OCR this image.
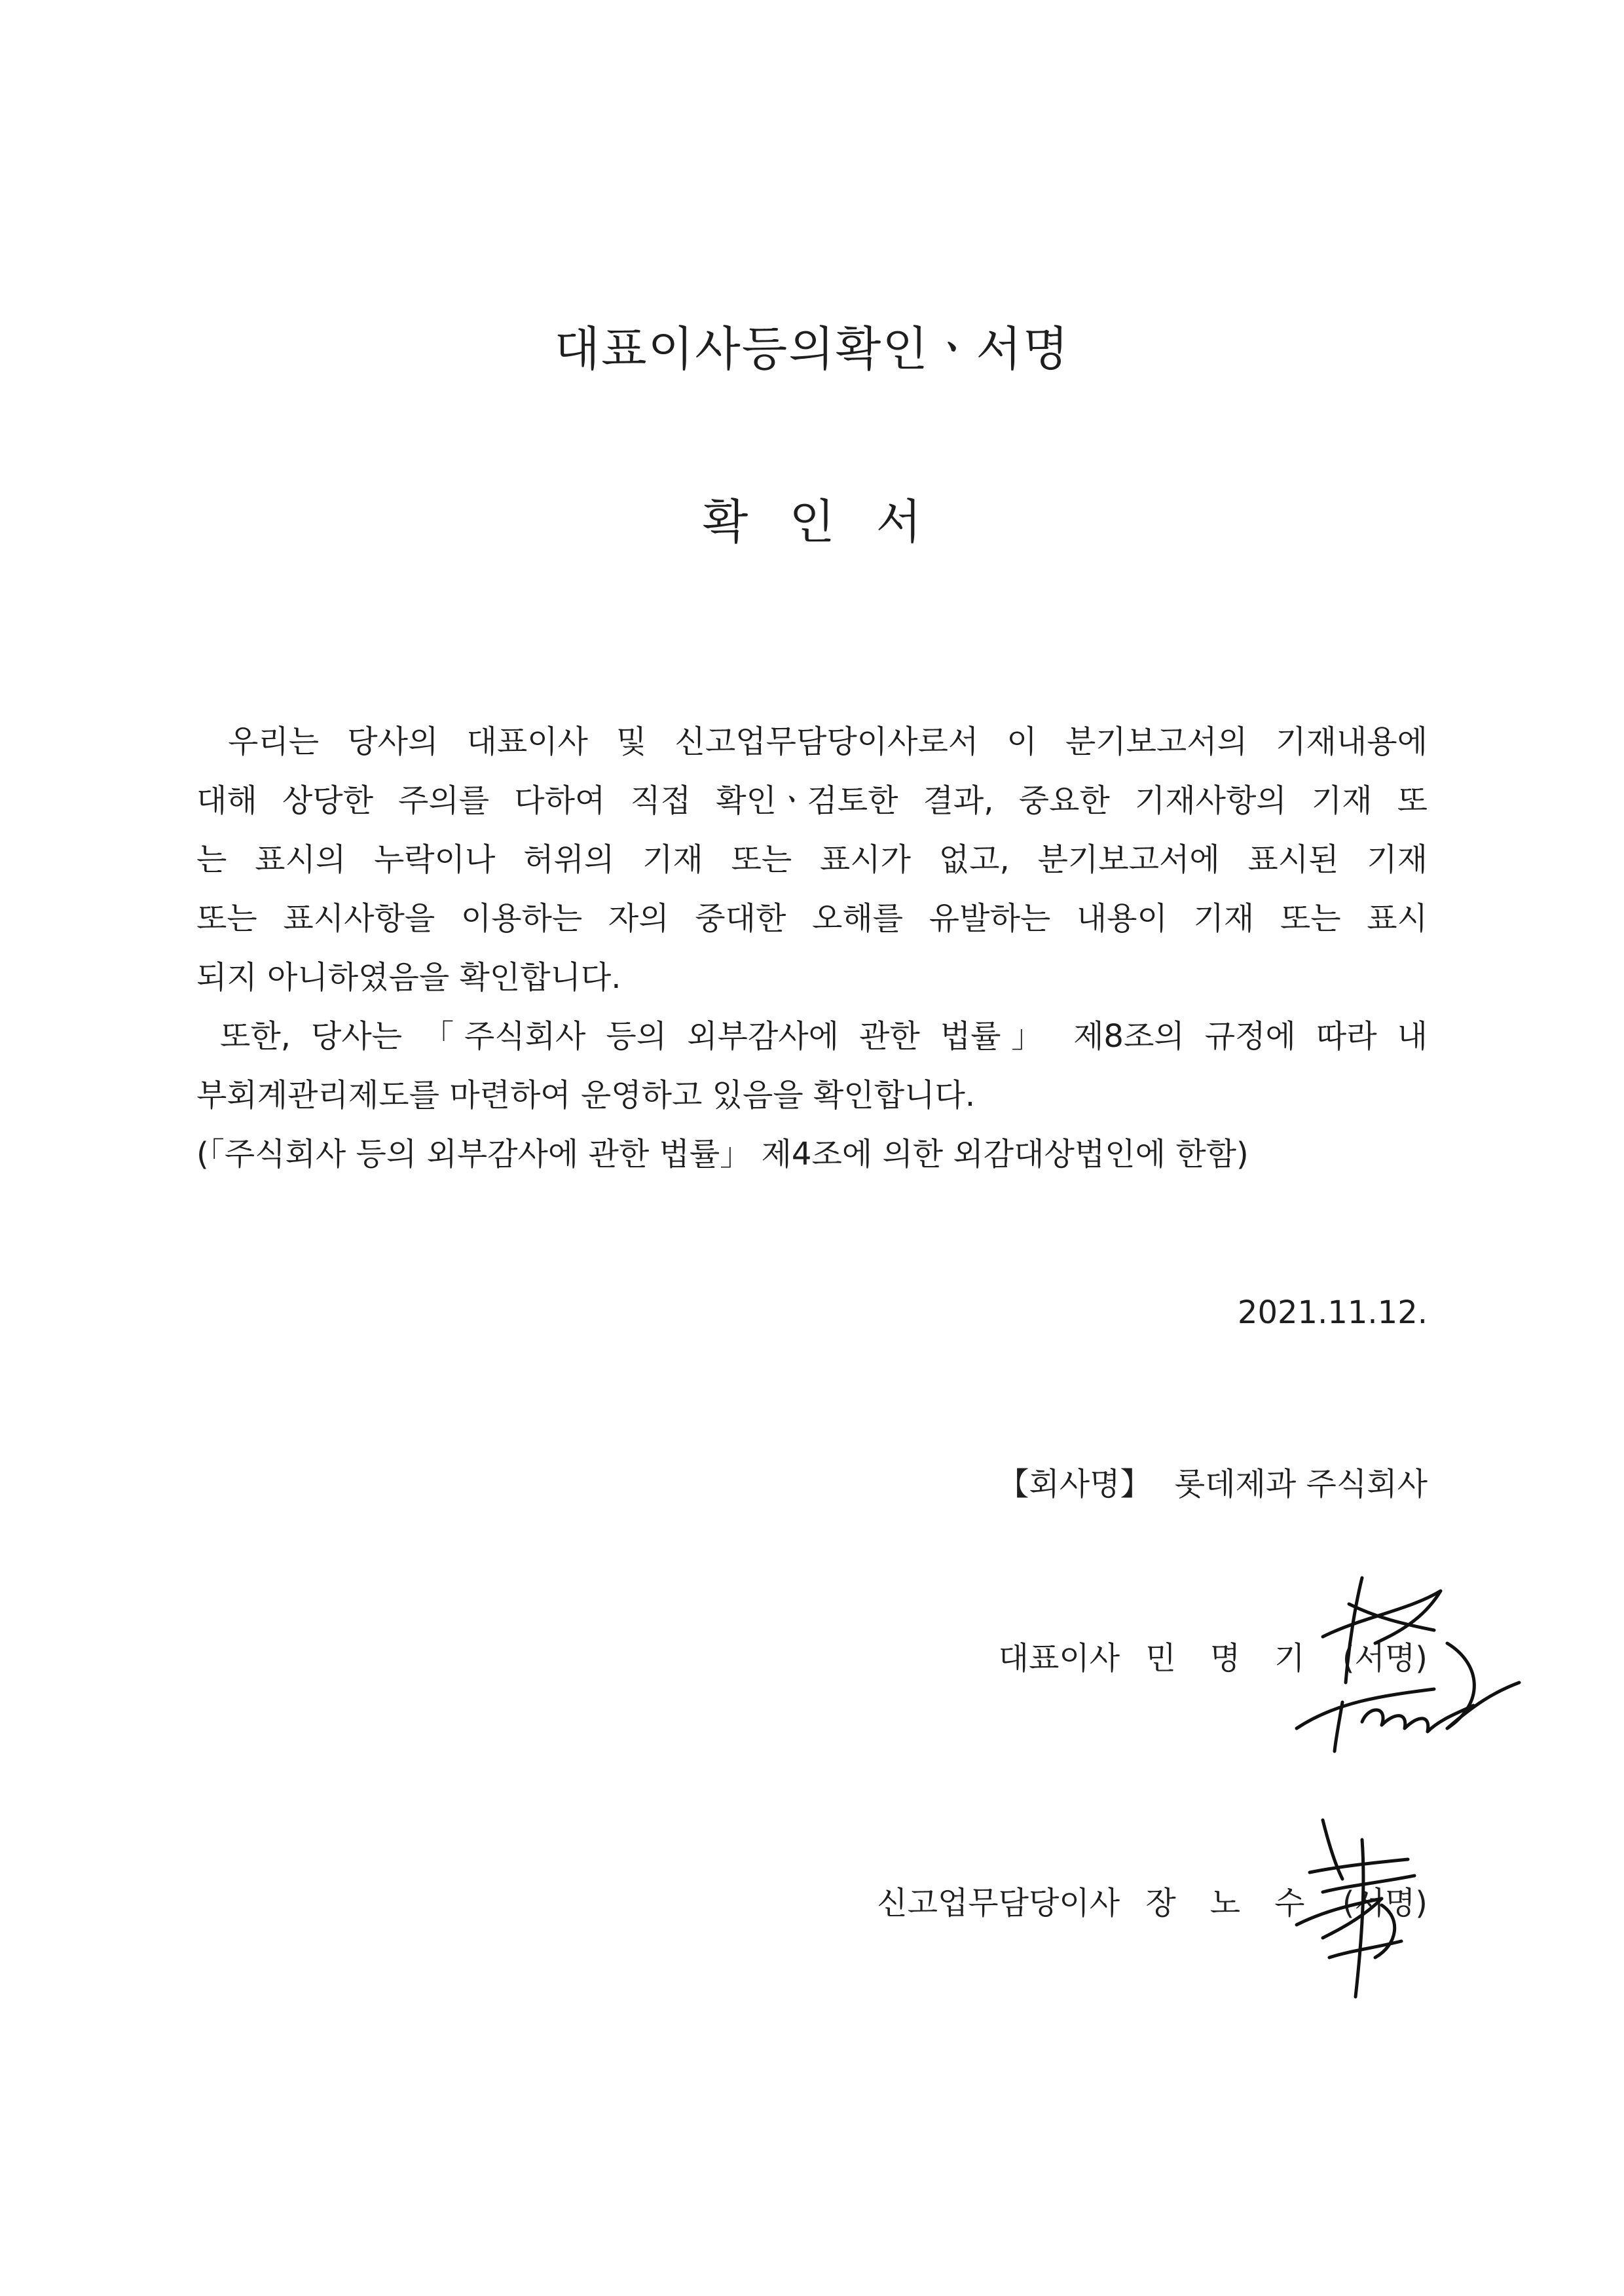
대표이사등의확인ㆍ서명
확 인 서
우리는 당사의 대표이사 및 신고업무담당이사로서 이 분기보고서의 기재내용에
대해 상당한 주의를 다하여 직접 확인ㆍ검토한 결과, 중요한 기재사항의 기재 또
는 표시의 누락이나 허위의 기재 또는 표시가 없고, 분기보고서에 표시된 기재
또는 표시사항을 이용하는 자의 중대한 오해를 유발하는 내용이 기재 또는 표시
되지 아니하였음을 확인합니다.
또한, 당사는 「주식회사 등의 외부감사에 관한 법률」 제8조의 규정에 따라 내
부회계관리제도를 마련하여 운영하고 있음을 확인합니다.
(「주식회사 등의 외부감사에 관한 법률」 제4조에 의한 외감대상법인에 한함)

2021.11.12.

【회사명】 롯데제과 주식회사

대표이사 민명기 (서명)

신고업무담당이사 장노수 (서명)
